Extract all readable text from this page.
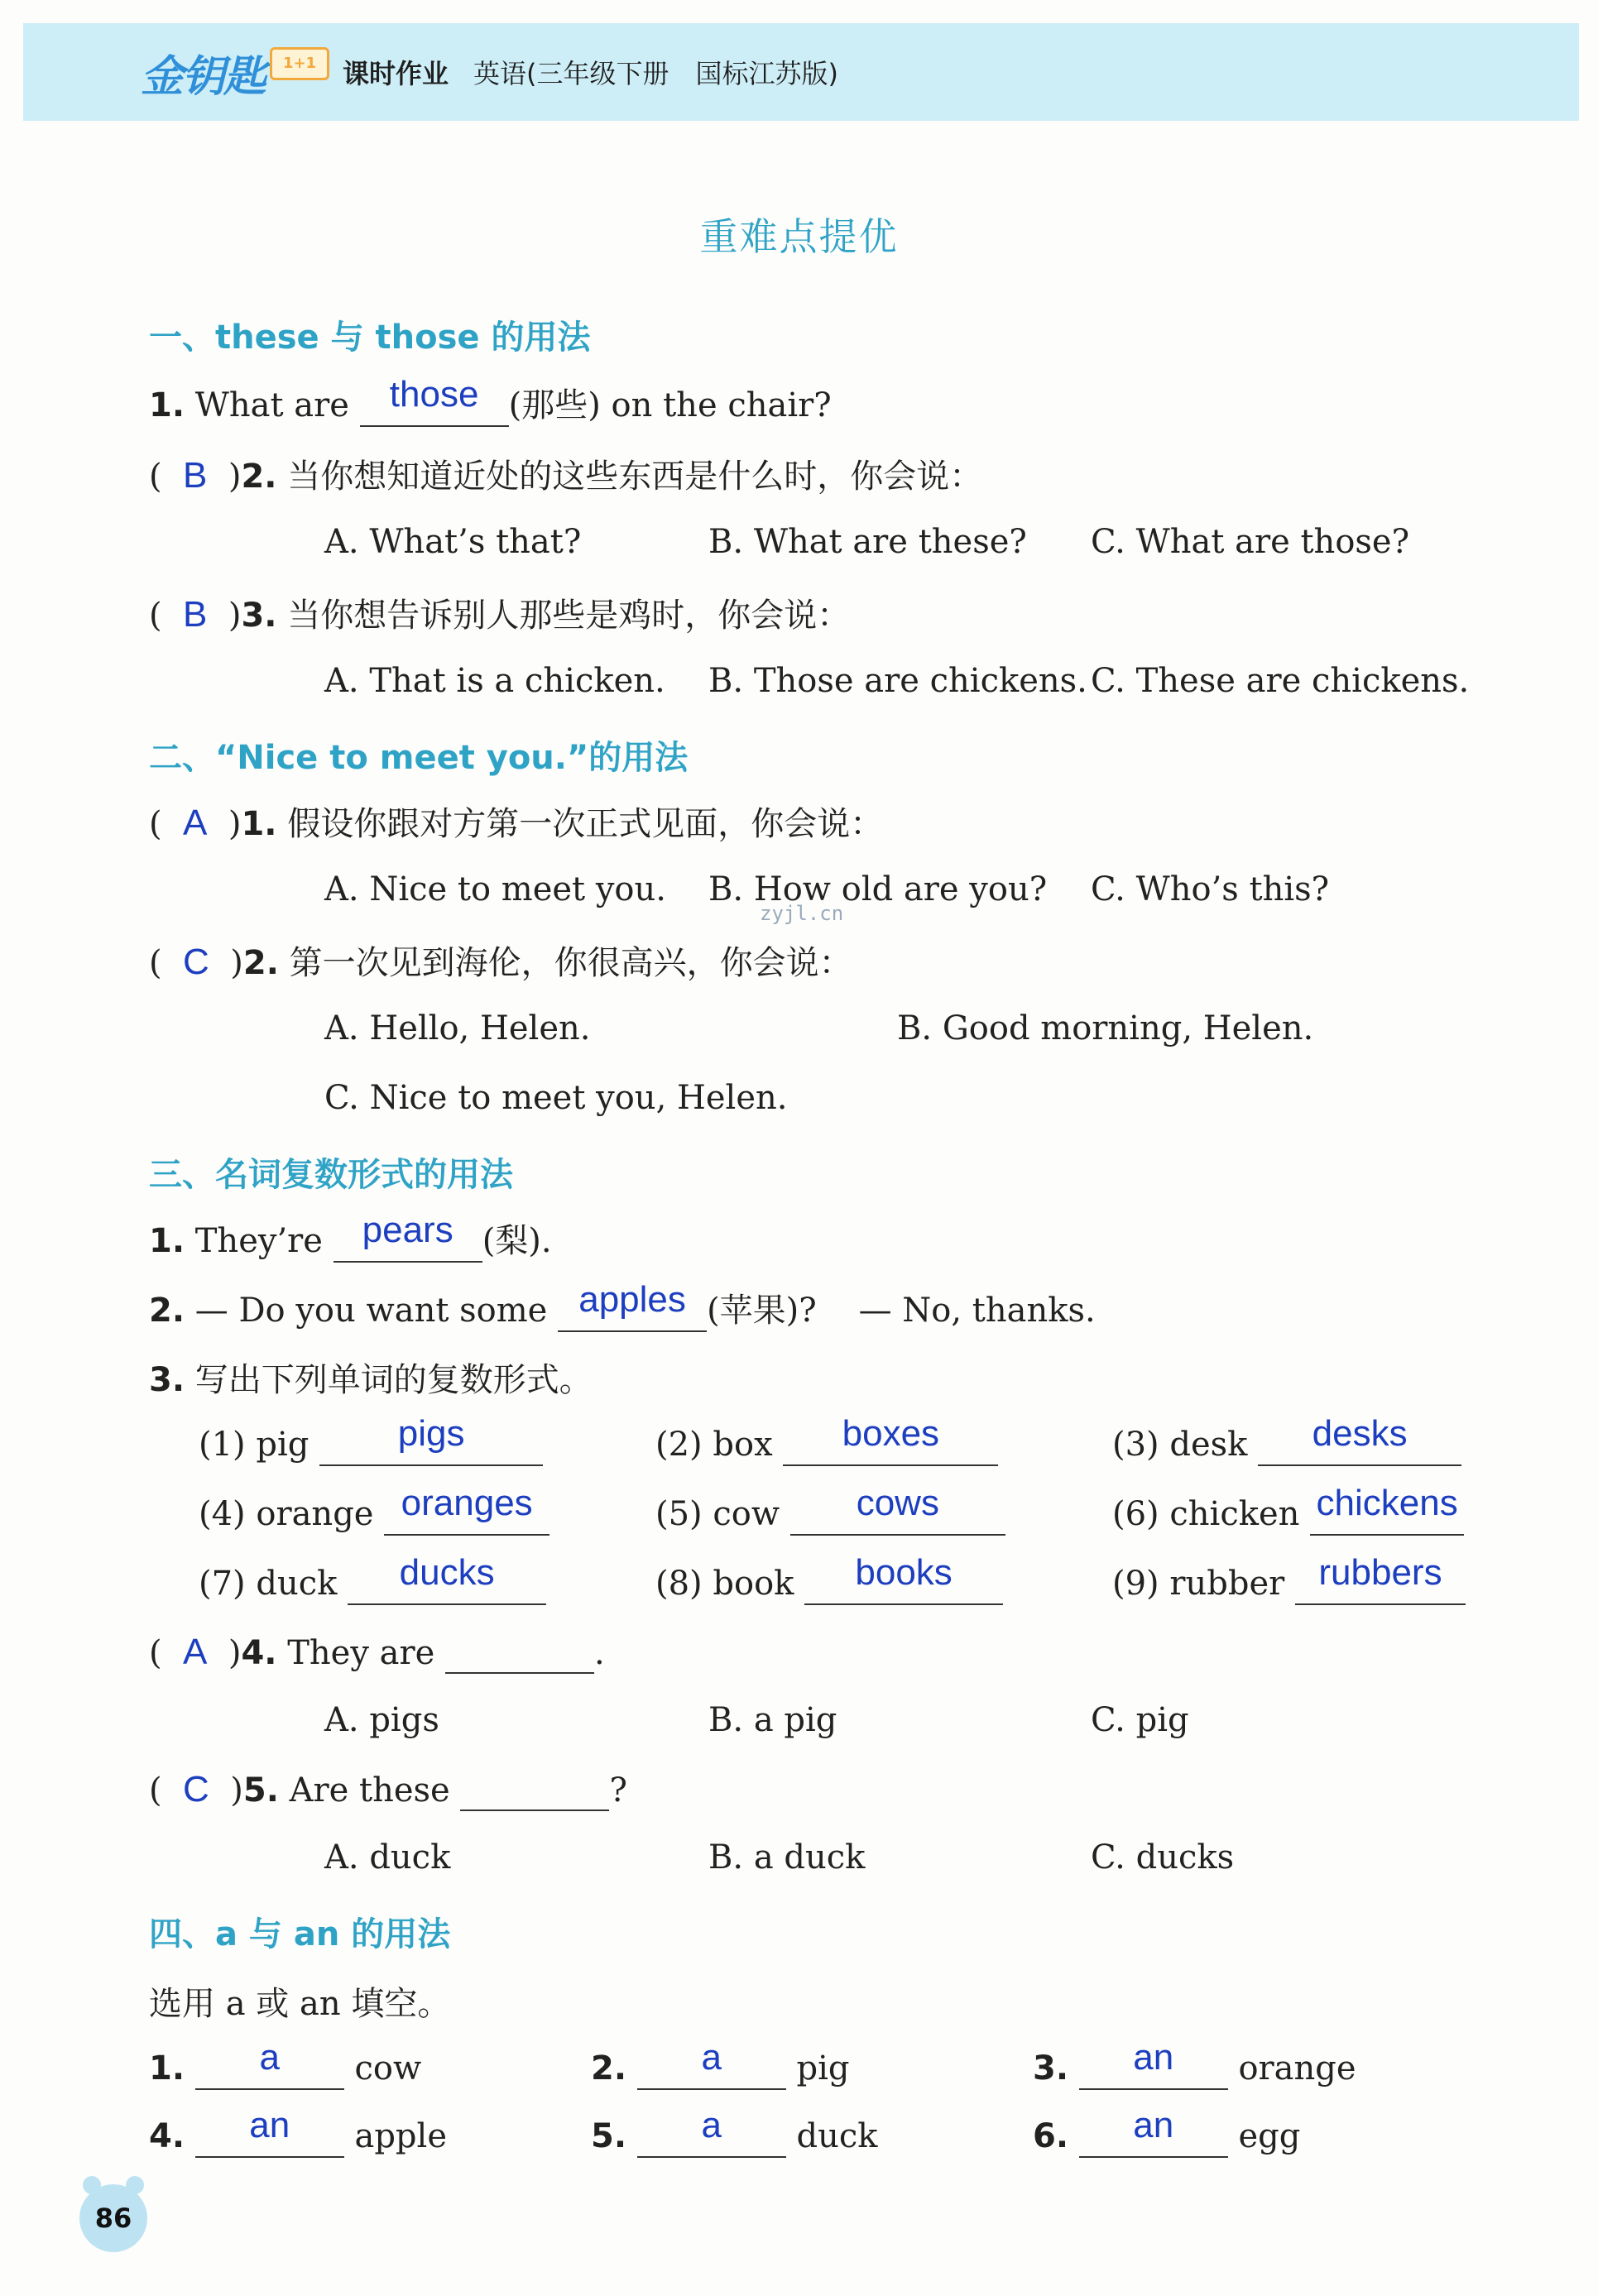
金钥匙	1+1 课时作业 英语(三年级下册　国标江苏版)
重难点提优
一、these 与 those 的用法
1. What are those (那些) on the chair?
(  B  )2. 当你想知道近处的这些东西是什么时，你会说：
A. What’s that?	B. What are these? C. What are those?
(  B  )3. 当你想告诉别人那些是鸡时，你会说：
A. That is a chicken. B. Those are chickens. C. These are chickens.
二、“Nice to meet you.”的用法
(  A  )1. 假设你跟对方第一次正式见面，你会说：
A. Nice to meet you. B. How old are you? C. Who’s this?
zyjl.cn
(  C  )2. 第一次见到海伦，你很高兴，你会说：
A. Hello, Helen.	B. Good morning, Helen.
C. Nice to meet you, Helen.
三、名词复数形式的用法
1. They’re pears (梨).
2. — Do you want some apples (苹果)? — No, thanks.
3. 写出下列单词的复数形式。
(1) pig pigs	(2) box boxes	(3) desk desks
(4) orange oranges	(5) cow cows	(6) chicken chickens
(7) duck ducks	(8) book books	(9) rubber rubbers
(  A  )4. They are	.
A. pigs	B. a pig	C. pig
(  C  )5. Are these	?
A. duck	B. a duck	C. ducks
四、a 与 an 的用法
选用 a 或 an 填空。
1. a cow	2. a pig	3. an orange
4. an apple	5. a duck	6. an egg
86
